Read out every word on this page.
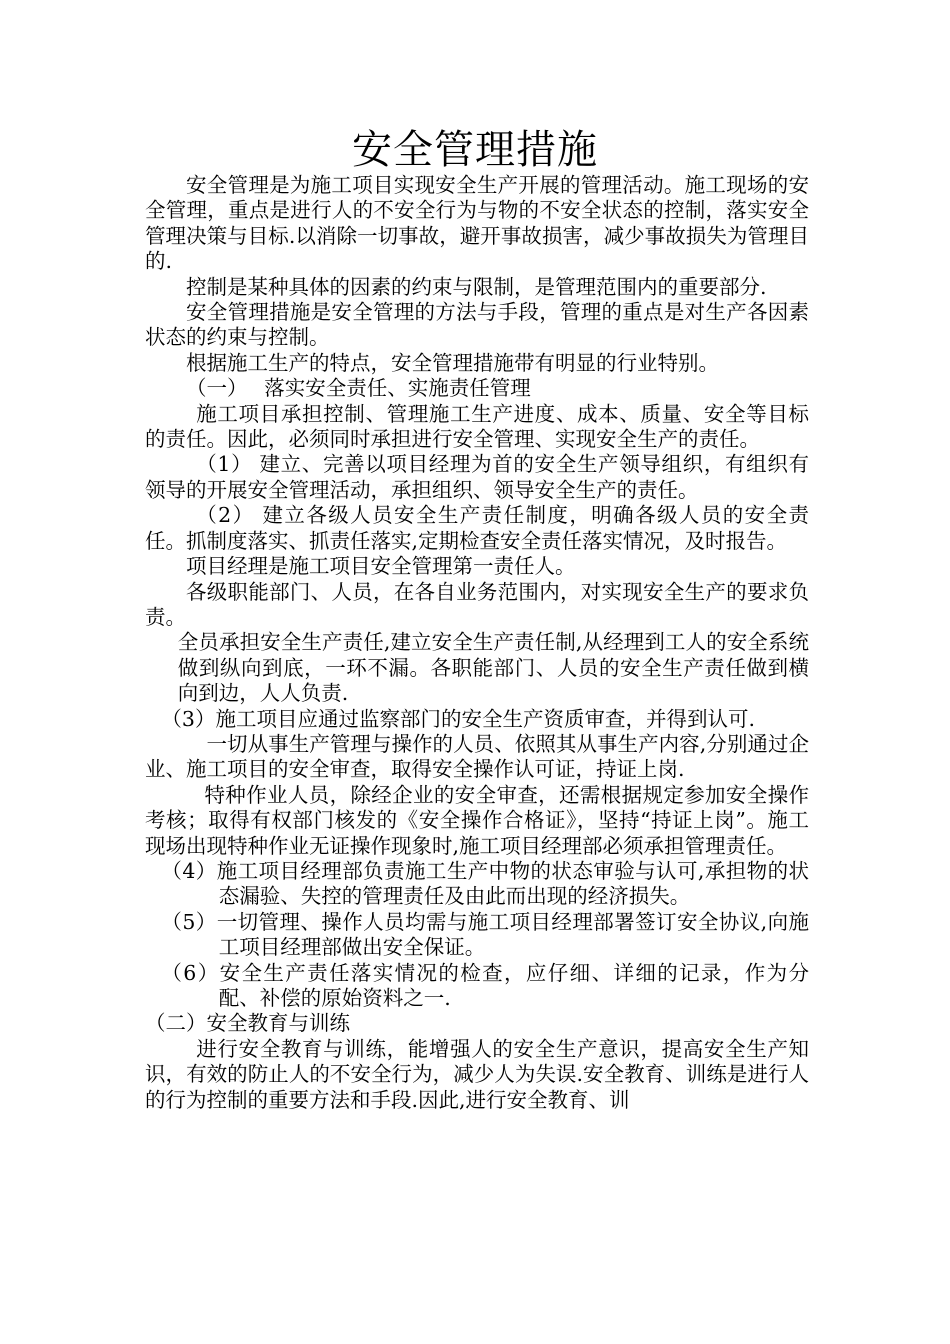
安全管理措施

安全管理是为施工项目实现安全生产开展的管理活动。施工现场的安全管理，重点是进行人的不安全行为与物的不安全状态的控制，落实安全管理决策与目标.以消除一切事故，避开事故损害，减少事故损失为管理目的.

控制是某种具体的因素的约束与限制，是管理范围内的重要部分.

安全管理措施是安全管理的方法与手段，管理的重点是对生产各因素状态的约束与控制。

根据施工生产的特点，安全管理措施带有明显的行业特别。

（一）　 落实安全责任、实施责任管理

施工项目承担控制、管理施工生产进度、成本、质量、安全等目标的责任。因此，必须同时承担进行安全管理、实现安全生产的责任。

（1） 建立、完善以项目经理为首的安全生产领导组织，有组织有领导的开展安全管理活动，承担组织、领导安全生产的责任。

（2） 建立各级人员安全生产责任制度，明确各级人员的安全责任。抓制度落实、抓责任落实,定期检查安全责任落实情况，及时报告。

项目经理是施工项目安全管理第一责任人。

各级职能部门、人员，在各自业务范围内，对实现安全生产的要求负责。

全员承担安全生产责任,建立安全生产责任制,从经理到工人的安全系统做到纵向到底，一环不漏。各职能部门、人员的安全生产责任做到横向到边，人人负责.

（3）施工项目应通过监察部门的安全生产资质审查，并得到认可.

一切从事生产管理与操作的人员、依照其从事生产内容,分别通过企业、施工项目的安全审查，取得安全操作认可证，持证上岗.

特种作业人员，除经企业的安全审查，还需根据规定参加安全操作考核；取得有权部门核发的《安全操作合格证》，坚持“持证上岗”。施工现场出现特种作业无证操作现象时,施工项目经理部必须承担管理责任。

（4）施工项目经理部负责施工生产中物的状态审验与认可,承担物的状态漏验、失控的管理责任及由此而出现的经济损失。

（5）一切管理、操作人员均需与施工项目经理部署签订安全协议,向施工项目经理部做出安全保证。

（6）安全生产责任落实情况的检查，应仔细、详细的记录，作为分配、补偿的原始资料之一.

（二）安全教育与训练

进行安全教育与训练，能增强人的安全生产意识，提高安全生产知识，有效的防止人的不安全行为，减少人为失误.安全教育、训练是进行人的行为控制的重要方法和手段.因此,进行安全教育、训
